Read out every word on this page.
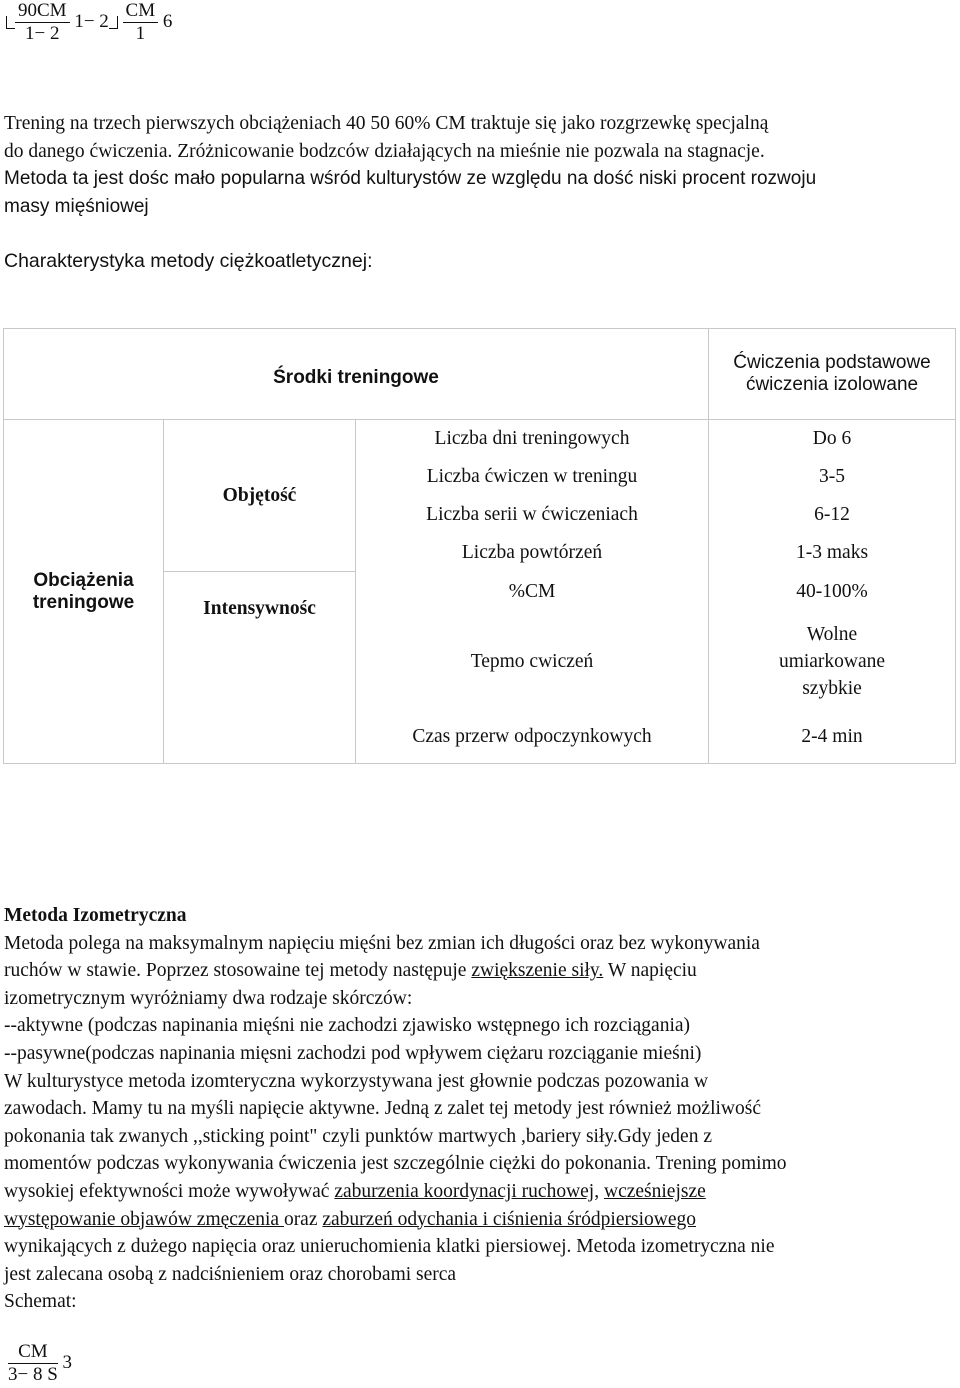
$\frac{90CM}{1- 2} 1- 2 \frac{CM}{1} 6$

Trening na trzech pierwszych obciążeniach 40 50 60% CM traktuje się jako rozgrzewkę specjalną
do danego ćwiczenia. Zróżnicowanie bodzców działających na mieśnie nie pozwala na stagnacje.

Metoda ta jest dośc mało popularna wśród kulturystów ze względu na dość niski procent rozwoju
masy mięśniowej

Charakterystyka metody ciężkoatletycznej:
Środki treningowe			Ćwiczenia podstawowe
ćwiczenia izolowane
Obciążenia treningowe	Objętość	Liczba dni treningowych	Do 6
		Liczba ćwiczen w treningu	3-5
		Liczba serii w ćwiczeniach	6-12
		Liczba powtórzeń	1-3 maks
	Intensywnośc	%CM	40-100%
		Tepmo cwiczeń	Wolne
umiarkowane
szybkie
		Czas przerw odpoczynkowych	2-4 min
Metoda Izometryczna
Metoda polega na maksymalnym napięciu mięśni bez zmian ich długości oraz bez wykonywania
ruchów w stawie. Poprzez stosowaine tej metody następuje zwiększenie siły. W napięciu
izometrycznym wyróżniamy dwa rodzaje skórczów:
--aktywne (podczas napinania mięśni nie zachodzi zjawisko wstępnego ich rozciągania)
--pasywne(podczas napinania mięsni zachodzi pod wpływem ciężaru rozciąganie mieśni)
W kulturystyce metoda izomteryczna wykorzystywana jest głownie podczas pozowania w
zawodach. Mamy tu na myśli napięcie aktywne. Jedną z zalet tej metody jest również możliwość
pokonania tak zwanych ,,sticking point" czyli punktów martwych ,bariery siły.Gdy jeden z
momentów podczas wykonywania ćwiczenia jest szczególnie ciężki do pokonania. Trening pomimo
wysokiej efektywności może wywoływać zaburzenia koordynacji ruchowej, wcześniejsze
występowanie objawów zmęczenia oraz zaburzeń odychania i ciśnienia śródpiersiowego
wynikających z dużego napięcia oraz unieruchomienia klatki piersiowej. Metoda izometryczna nie
jest zalecana osobą z nadciśnieniem oraz chorobami serca
Schemat:
$\frac{CM}{3- 8 S} 3$
